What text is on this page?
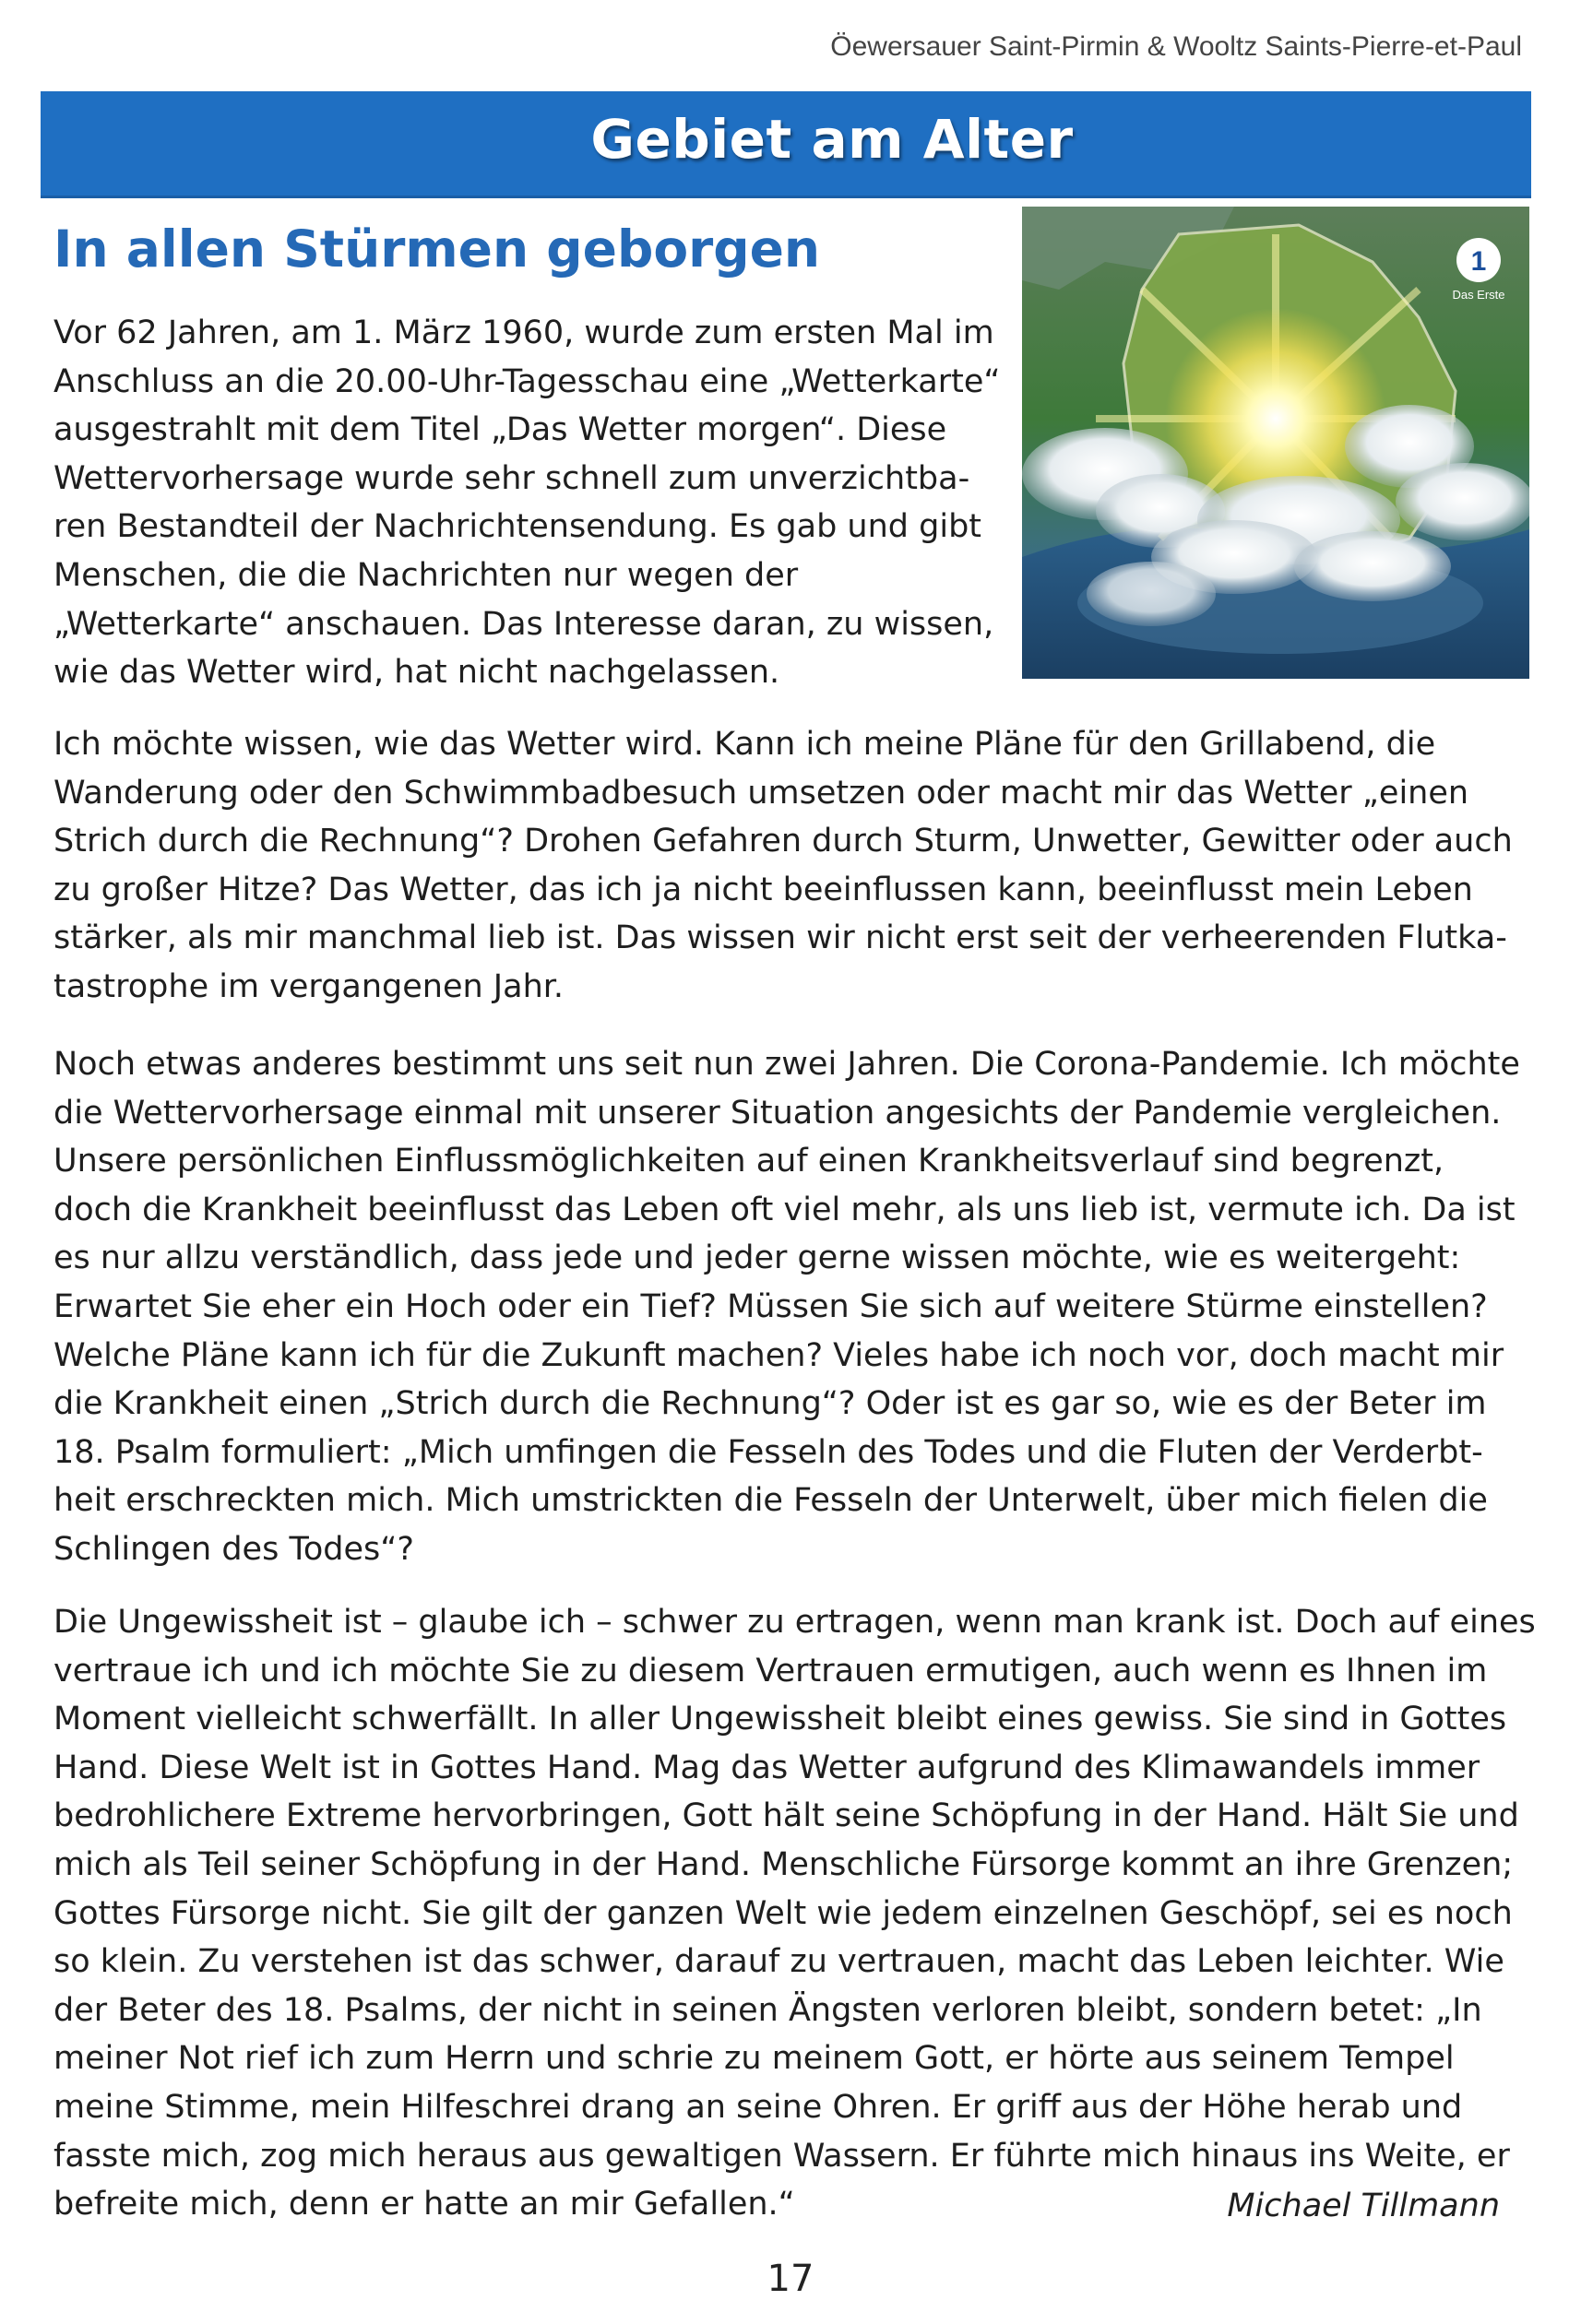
Öewersauer Saint-Pirmin & Wooltz Saints-Pierre-et-Paul
Gebiet am Alter
In allen Stürmen geborgen	1
Das Erste

Vor 62 Jahren, am 1. März 1960, wurde zum ersten Mal im
Anschluss an die 20.00-Uhr-Tagesschau eine „Wetterkarte“
ausgestrahlt mit dem Titel „Das Wetter morgen“. Diese
Wettervorhersage wurde sehr schnell zum unverzichtba-
ren Bestandteil der Nachrichtensendung. Es gab und gibt
Menschen, die die Nachrichten nur wegen der
„Wetterkarte“ anschauen. Das Interesse daran, zu wissen,
wie das Wetter wird, hat nicht nachgelassen.

Ich möchte wissen, wie das Wetter wird. Kann ich meine Pläne für den Grillabend, die
Wanderung oder den Schwimmbadbesuch umsetzen oder macht mir das Wetter „einen
Strich durch die Rechnung“? Drohen Gefahren durch Sturm, Unwetter, Gewitter oder auch
zu großer Hitze? Das Wetter, das ich ja nicht beeinflussen kann, beeinflusst mein Leben
stärker, als mir manchmal lieb ist. Das wissen wir nicht erst seit der verheerenden Flutka-
tastrophe im vergangenen Jahr.

Noch etwas anderes bestimmt uns seit nun zwei Jahren. Die Corona-Pandemie. Ich möchte
die Wettervorhersage einmal mit unserer Situation angesichts der Pandemie vergleichen.
Unsere persönlichen Einflussmöglichkeiten auf einen Krankheitsverlauf sind begrenzt,
doch die Krankheit beeinflusst das Leben oft viel mehr, als uns lieb ist, vermute ich. Da ist
es nur allzu verständlich, dass jede und jeder gerne wissen möchte, wie es weitergeht:
Erwartet Sie eher ein Hoch oder ein Tief? Müssen Sie sich auf weitere Stürme einstellen?
Welche Pläne kann ich für die Zukunft machen? Vieles habe ich noch vor, doch macht mir
die Krankheit einen „Strich durch die Rechnung“? Oder ist es gar so, wie es der Beter im
18. Psalm formuliert: „Mich umfingen die Fesseln des Todes und die Fluten der Verderbt-
heit erschreckten mich. Mich umstrickten die Fesseln der Unterwelt, über mich fielen die
Schlingen des Todes“?

Die Ungewissheit ist – glaube ich – schwer zu ertragen, wenn man krank ist. Doch auf eines
vertraue ich und ich möchte Sie zu diesem Vertrauen ermutigen, auch wenn es Ihnen im
Moment vielleicht schwerfällt. In aller Ungewissheit bleibt eines gewiss. Sie sind in Gottes
Hand. Diese Welt ist in Gottes Hand. Mag das Wetter aufgrund des Klimawandels immer
bedrohlichere Extreme hervorbringen, Gott hält seine Schöpfung in der Hand. Hält Sie und
mich als Teil seiner Schöpfung in der Hand. Menschliche Fürsorge kommt an ihre Grenzen;
Gottes Fürsorge nicht. Sie gilt der ganzen Welt wie jedem einzelnen Geschöpf, sei es noch
so klein. Zu verstehen ist das schwer, darauf zu vertrauen, macht das Leben leichter. Wie
der Beter des 18. Psalms, der nicht in seinen Ängsten verloren bleibt, sondern betet: „In
meiner Not rief ich zum Herrn und schrie zu meinem Gott, er hörte aus seinem Tempel
meine Stimme, mein Hilfeschrei drang an seine Ohren. Er griff aus der Höhe herab und
fasste mich, zog mich heraus aus gewaltigen Wassern. Er führte mich hinaus ins Weite, er
befreite mich, denn er hatte an mir Gefallen.“	Michael Tillmann
17
